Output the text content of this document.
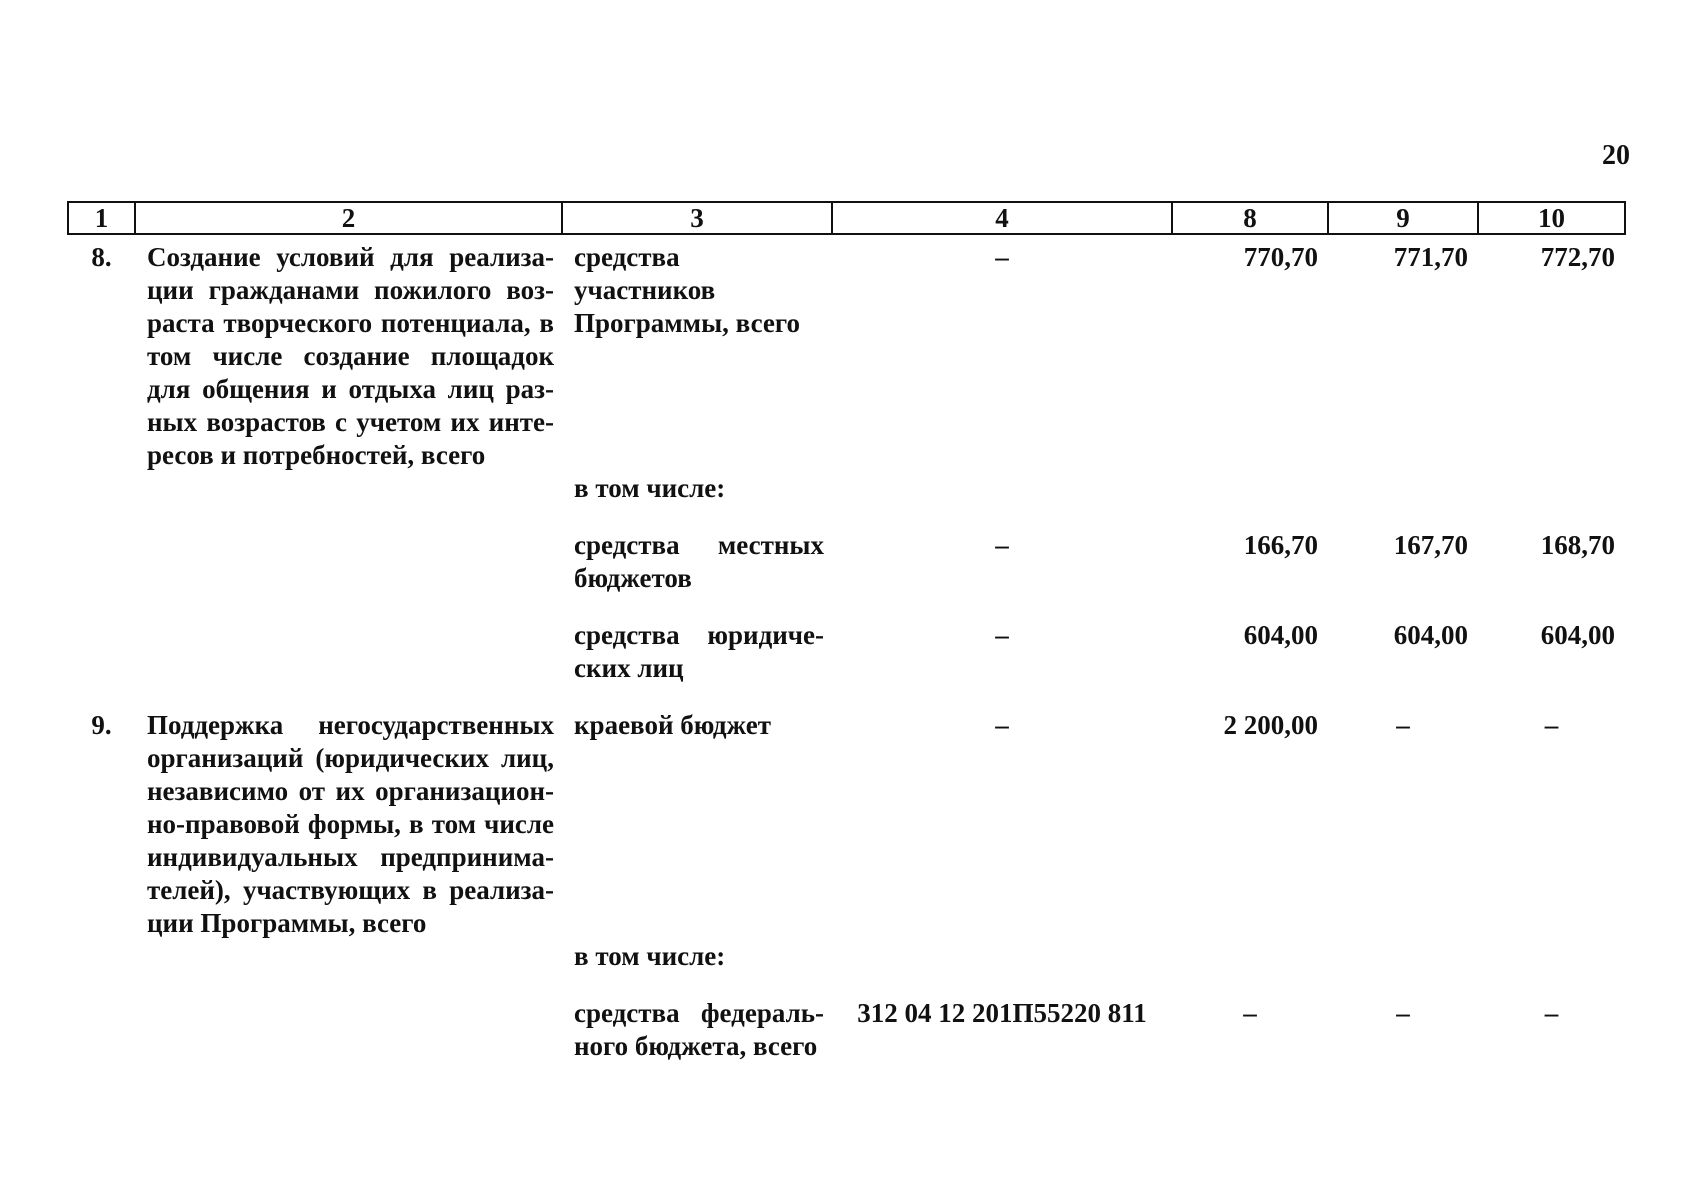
20
1	2	3	4	8	9	10
8.	Создание условий для реализа-ции гражданами пожилого воз-раста творческого потенциала, в том числе создание площадок для общения и отдыха лиц раз-ных возрастов с учетом их инте-ресов и потребностей, всего	средства участников Программы, всего	–	770,70	771,70	772,70
		в том числе:				

		средства местных бюджетов	–	166,70	167,70	168,70

		средства юридиче-ских лиц	–	604,00	604,00	604,00

9.	Поддержка негосударственных организаций (юридических лиц, независимо от их организацион-но-правовой формы, в том числе индивидуальных предпринима-телей), участвующих в реализа-ции Программы, всего	краевой бюджет	–	2 200,00	–	–
		в том числе:				

		средства федераль-ного бюджета, всего	312 04 12 201П55220 811	–	–	–
